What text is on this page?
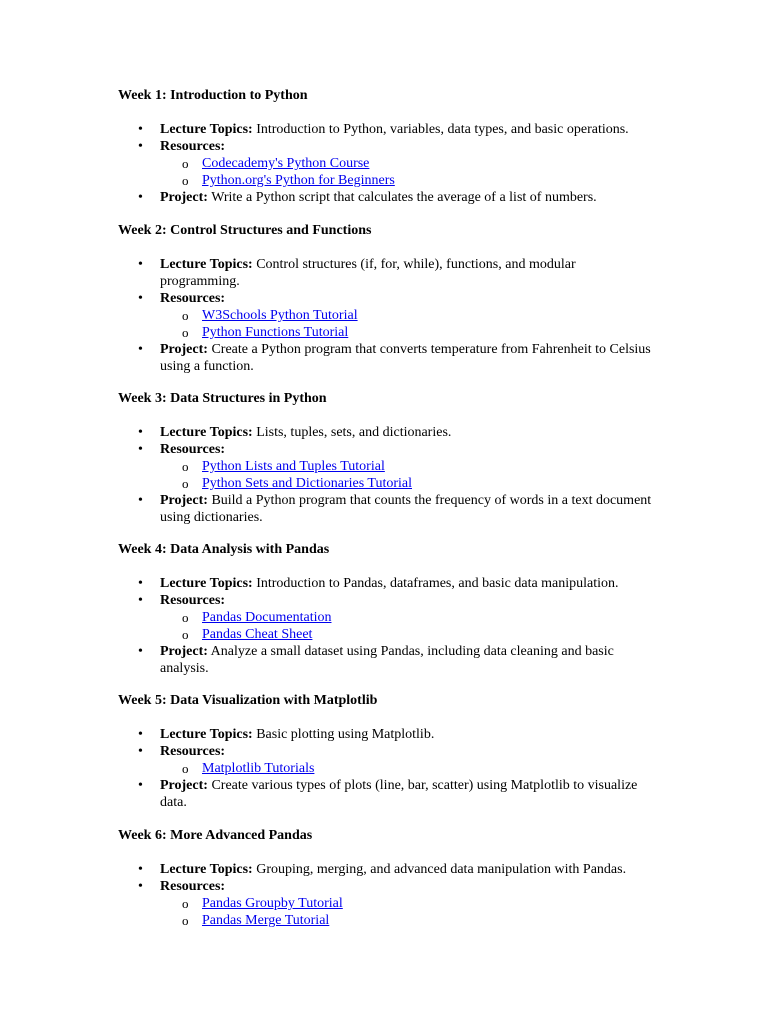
Week 1: Introduction to Python
• Lecture Topics: Introduction to Python, variables, data types, and basic operations.
• Resources:
o Codecademy's Python Course
o Python.org's Python for Beginners
• Project: Write a Python script that calculates the average of a list of numbers.
Week 2: Control Structures and Functions
• Lecture Topics: Control structures (if, for, while), functions, and modular programming.
• Resources:
o W3Schools Python Tutorial
o Python Functions Tutorial
• Project: Create a Python program that converts temperature from Fahrenheit to Celsius using a function.
Week 3: Data Structures in Python
• Lecture Topics: Lists, tuples, sets, and dictionaries.
• Resources:
o Python Lists and Tuples Tutorial
o Python Sets and Dictionaries Tutorial
• Project: Build a Python program that counts the frequency of words in a text document using dictionaries.
Week 4: Data Analysis with Pandas
• Lecture Topics: Introduction to Pandas, dataframes, and basic data manipulation.
• Resources:
o Pandas Documentation
o Pandas Cheat Sheet
• Project: Analyze a small dataset using Pandas, including data cleaning and basic analysis.
Week 5: Data Visualization with Matplotlib
• Lecture Topics: Basic plotting using Matplotlib.
• Resources:
o Matplotlib Tutorials
• Project: Create various types of plots (line, bar, scatter) using Matplotlib to visualize data.
Week 6: More Advanced Pandas
• Lecture Topics: Grouping, merging, and advanced data manipulation with Pandas.
• Resources:
o Pandas Groupby Tutorial
o Pandas Merge Tutorial
